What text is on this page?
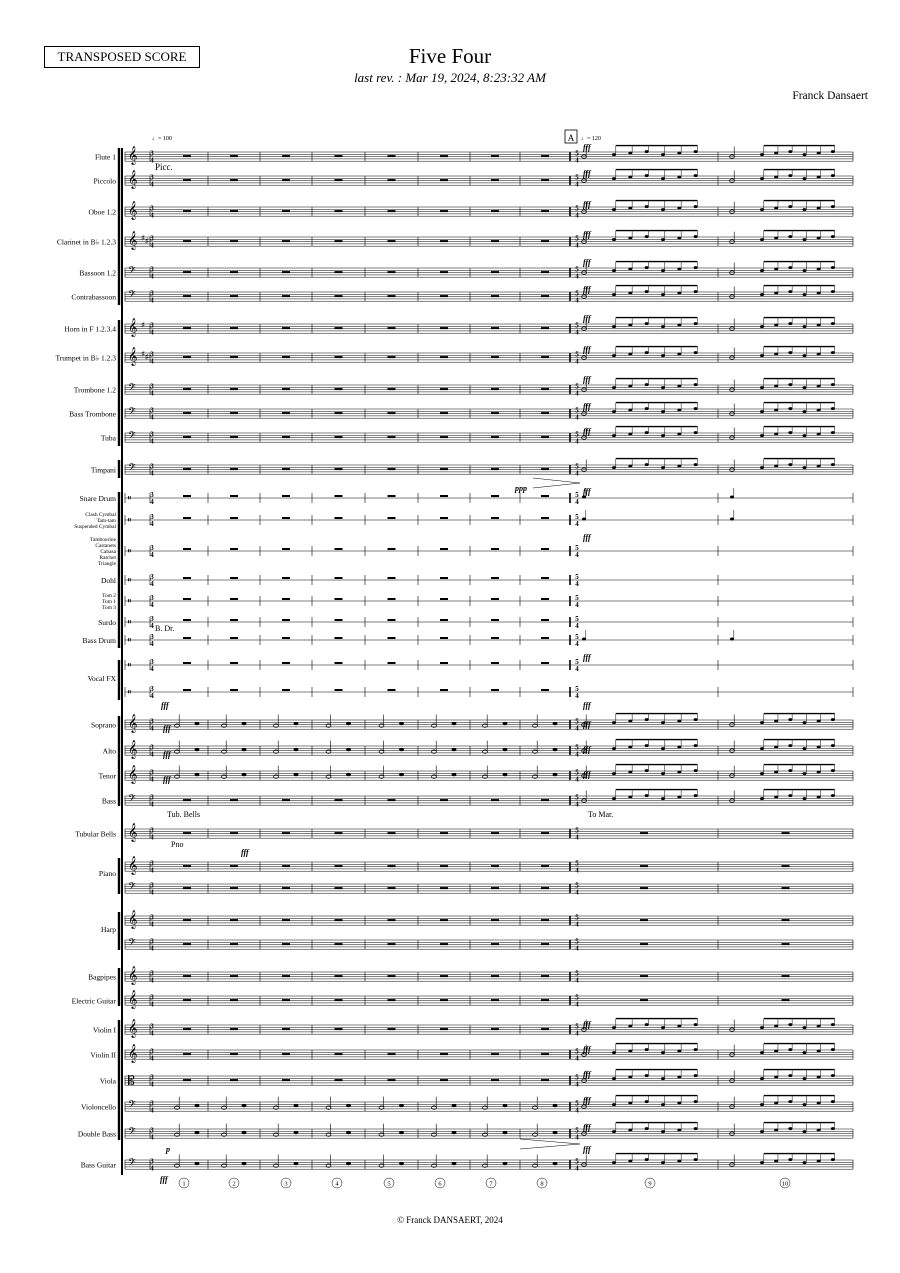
TRANSPOSED SCORE	Five Four
last rev. : Mar 19, 2024, 8:23:32 AM
Franck Dansaert
© Franck DANSAERT, 2024
𝄞 3
4
5
4
𝄞 3
4
5
4
𝄞 3
4
5
4
𝄞 ♯ ♯ 3
4
5
4
𝄢 3
4
5
4
𝄢 3
4
5
4
𝄞 ♯ 3
4
5
4
𝄞 ♯ ♯ 3
4
5
4
𝄢 3
4
5
4
𝄢 3
4
5
4
𝄢 3
4
5
4
𝄢 3
4
5
4
𝄥	3
4
5
4
𝄥	3
4
5
4
𝄥	3
4
5
4
𝄥	3
4
5
4
𝄥	3
4
5
4
𝄥	3
4
5
4
𝄥	3
4
5
4
𝄥	3
4
5
4
𝄥	3
4
5
4
𝄞 3
4
5
4
𝄞 3
4
5
4
𝄞 3
4
5
4
𝄢 3
4
5
4
𝄞 3
4
5
4
𝄞 3
4
5
4
𝄢 3
4
5
4
𝄞 3
4
5
4
𝄢 3
4
5
4
𝄞 3
4
5
4
𝄞 3
4
5
4
𝄞 3
4
5
4
𝄞 3
4
5
4
𝄡 3
4
5
4
𝄢 3
4
5
4
𝄢 3
4
5
4
𝄢 3
4
5
4
Flute 1
Piccolo
Oboe 1.2
Clarinet in B♭ 1.2.3
Bassoon 1.2
Contrabassoon
Horn in F 1.2.3.4
Trumpet in B♭ 1.2.3
Trombone 1.2
Bass Trombone
Tuba
Timpani
Snare Drum
Clash Cymbal
Tam-tam
Suspended Cymbal
Tambourine
Castanets
Cabasa
Ratchet
Triangle
Dohl
Tom 2
Tom 1
Tom 3
Surdo
Bass Drum
Soprano
Alto
Tenor
Bass
Tubular Bells
Bagpipes
Electric Guitar
Violin I
Violin II
Viola
Violoncello
Double Bass
Bass Guitar
Vocal FX
Piano
Harp
♩= 100	A ♩= 120
Picc.
B. Dr.
Tub. Bells
Pno
To Mar.
fff
fff
fff
fff
fff
fff
fff
fff
fff
fff
fff
fff
fff
fff
fff
fff
fff
fff
fff
fff
fff
fff
fff
fff
fff
fff
fff
fff
fff
fff
ppp
p
1	2	3	4	5	6	7	8	9	10
